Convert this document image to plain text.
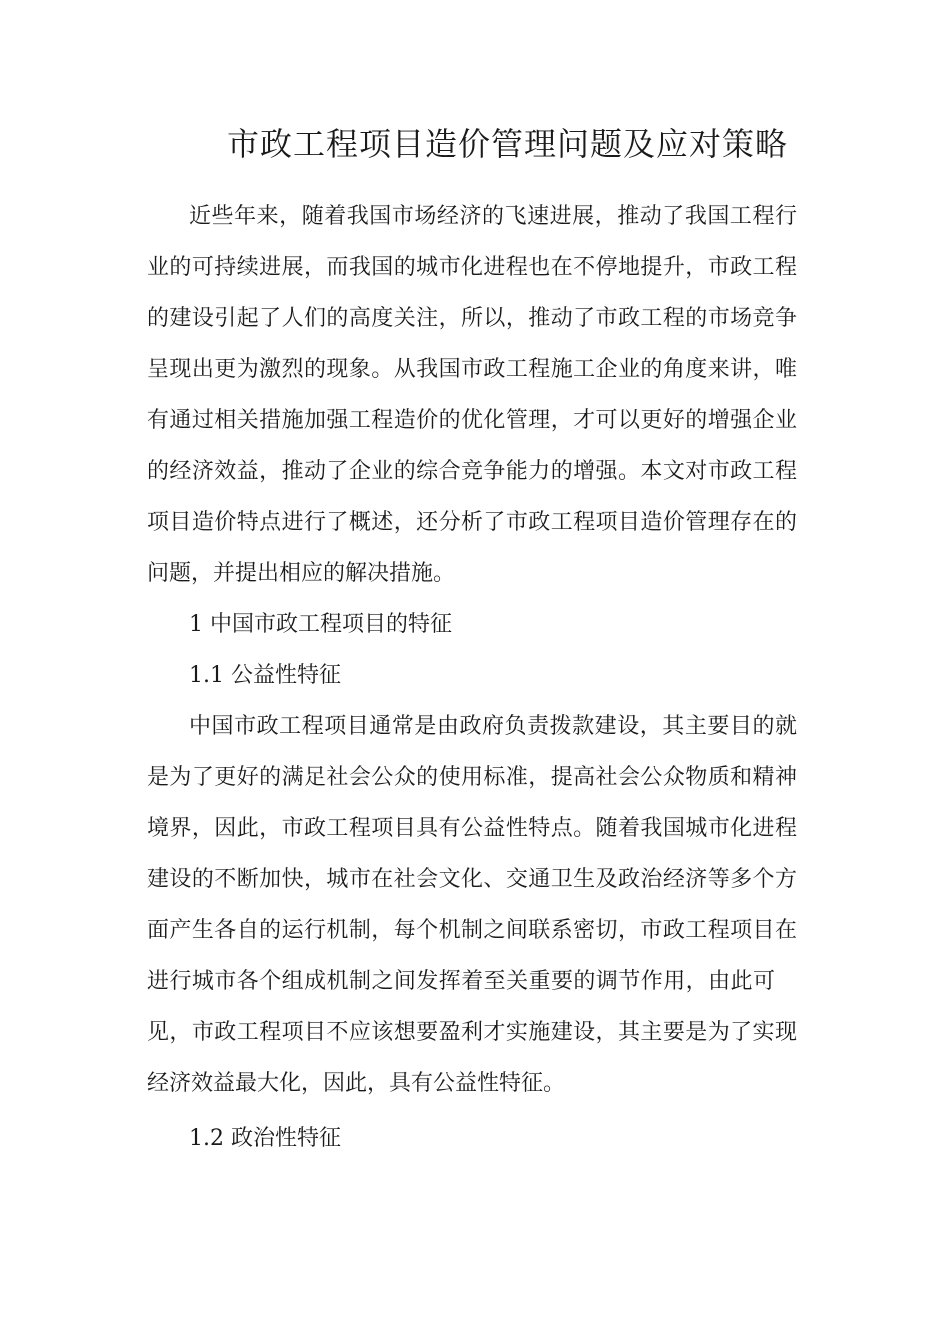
市政工程项目造价管理问题及应对策略

近些年来，随着我国市场经济的飞速进展，推动了我国工程行

业的可持续进展，而我国的城市化进程也在不停地提升，市政工程

的建设引起了人们的高度关注，所以，推动了市政工程的市场竞争

呈现出更为激烈的现象。从我国市政工程施工企业的角度来讲，唯

有通过相关措施加强工程造价的优化管理，才可以更好的增强企业

的经济效益，推动了企业的综合竞争能力的增强。本文对市政工程

项目造价特点进行了概述，还分析了市政工程项目造价管理存在的

问题，并提出相应的解决措施。

1 中国市政工程项目的特征

1.1 公益性特征

中国市政工程项目通常是由政府负责拨款建设，其主要目的就

是为了更好的满足社会公众的使用标准，提高社会公众物质和精神

境界，因此，市政工程项目具有公益性特点。随着我国城市化进程

建设的不断加快，城市在社会文化、交通卫生及政治经济等多个方

面产生各自的运行机制，每个机制之间联系密切，市政工程项目在

进行城市各个组成机制之间发挥着至关重要的调节作用，由此可

见，市政工程项目不应该想要盈利才实施建设，其主要是为了实现

经济效益最大化，因此，具有公益性特征。

1.2 政治性特征
